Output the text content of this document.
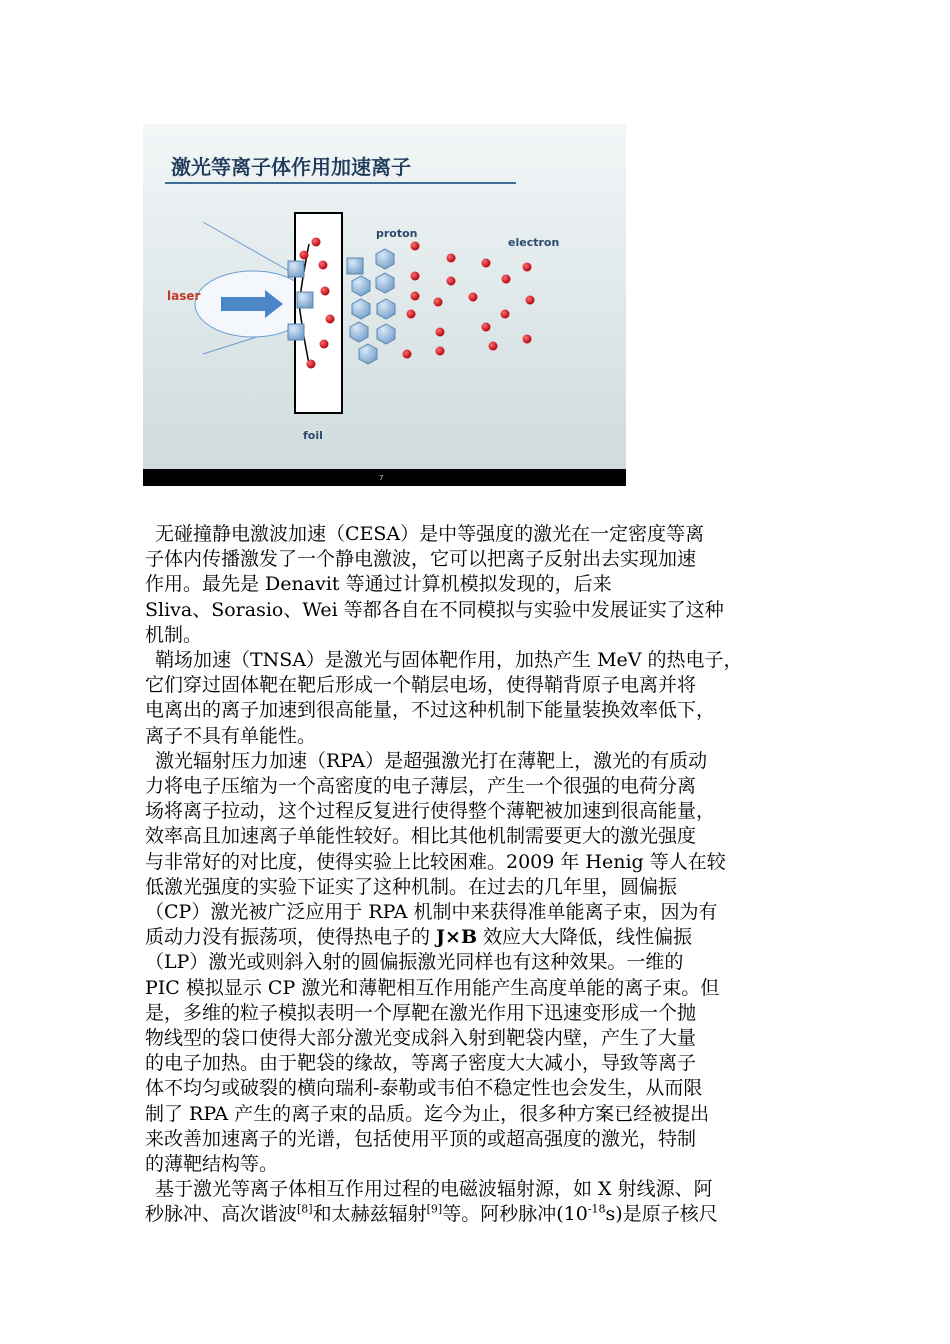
7
激光等离子体作用加速离子
laser
foil
proton
electron

无碰撞静电激波加速（CESA）是中等强度的激光在一定密度等离
子体内传播激发了一个静电激波，它可以把离子反射出去实现加速
作用。最先是 Denavit 等通过计算机模拟发现的，后来
Sliva、Sorasio、Wei 等都各自在不同模拟与实验中发展证实了这种
机制。

鞘场加速（TNSA）是激光与固体靶作用，加热产生 MeV 的热电子，
它们穿过固体靶在靶后形成一个鞘层电场，使得鞘背原子电离并将
电离出的离子加速到很高能量，不过这种机制下能量装换效率低下，
离子不具有单能性。

激光辐射压力加速（RPA）是超强激光打在薄靶上，激光的有质动
力将电子压缩为一个高密度的电子薄层，产生一个很强的电荷分离
场将离子拉动，这个过程反复进行使得整个薄靶被加速到很高能量，
效率高且加速离子单能性较好。相比其他机制需要更大的激光强度
与非常好的对比度，使得实验上比较困难。2009 年 Henig 等人在较
低激光强度的实验下证实了这种机制。在过去的几年里，圆偏振
（CP）激光被广泛应用于 RPA 机制中来获得准单能离子束，因为有
质动力没有振荡项，使得热电子的 J×B 效应大大降低，线性偏振
（LP）激光或则斜入射的圆偏振激光同样也有这种效果。一维的
PIC 模拟显示 CP 激光和薄靶相互作用能产生高度单能的离子束。但
是，多维的粒子模拟表明一个厚靶在激光作用下迅速变形成一个抛
物线型的袋口使得大部分激光变成斜入射到靶袋内壁，产生了大量
的电子加热。由于靶袋的缘故，等离子密度大大减小，导致等离子
体不均匀或破裂的横向瑞利-泰勒或韦伯不稳定性也会发生，从而限
制了 RPA 产生的离子束的品质。迄今为止，很多种方案已经被提出
来改善加速离子的光谱，包括使用平顶的或超高强度的激光，特制
的薄靶结构等。

基于激光等离子体相互作用过程的电磁波辐射源，如 X 射线源、阿
秒脉冲、高次谐波[8]和太赫兹辐射[9]等。阿秒脉冲$(10^{-18}s)$是原子核尺
